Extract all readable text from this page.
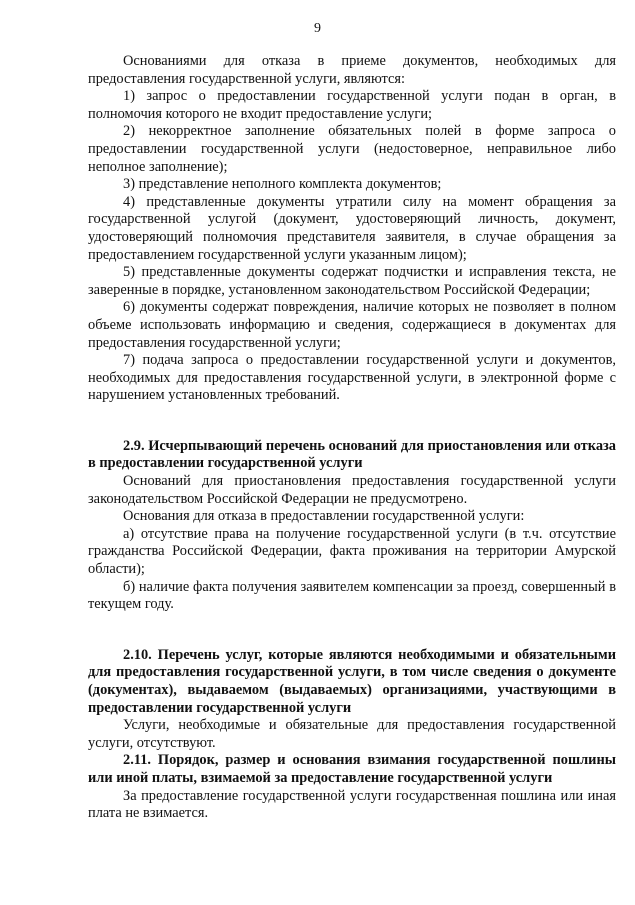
9

Основаниями для отказа в приеме документов, необходимых для предоставления государственной услуги, являются:

1) запрос о предоставлении государственной услуги подан в орган, в полномочия которого не входит предоставление услуги;

2) некорректное заполнение обязательных полей в форме запроса о предоставлении государственной услуги (недостоверное, неправильное либо неполное заполнение);

3) представление неполного комплекта документов;

4) представленные документы утратили силу на момент обращения за государственной услугой (документ, удостоверяющий личность, документ, удостоверяющий полномочия представителя заявителя, в случае обращения за предоставлением государственной услуги указанным лицом);

5) представленные документы содержат подчистки и исправления текста, не заверенные в порядке, установленном законодательством Российской Федерации;

6) документы содержат повреждения, наличие которых не позволяет в полном объеме использовать информацию и сведения, содержащиеся в документах для предоставления государственной услуги;

7) подача запроса о предоставлении государственной услуги и документов, необходимых для предоставления государственной услуги, в электронной форме с нарушением установленных требований.

2.9. Исчерпывающий перечень оснований для приостановления или отказа в предоставлении государственной услуги

Оснований для приостановления предоставления государственной услуги законодательством Российской Федерации не предусмотрено.

Основания для отказа в предоставлении государственной услуги:

а) отсутствие права на получение государственной услуги (в т.ч. отсутствие гражданства Российской Федерации, факта проживания на территории Амурской области);

б) наличие факта получения заявителем компенсации за проезд, совершенный в текущем году.

2.10. Перечень услуг, которые являются необходимыми и обязательными для предоставления государственной услуги, в том числе сведения о документе (документах), выдаваемом (выдаваемых) организациями, участвующими в предоставлении государственной услуги

Услуги, необходимые и обязательные для предоставления государственной услуги, отсутствуют.

2.11. Порядок, размер и основания взимания государственной пошлины или иной платы, взимаемой за предоставление государственной услуги

За предоставление государственной услуги государственная пошлина или иная плата не взимается.
